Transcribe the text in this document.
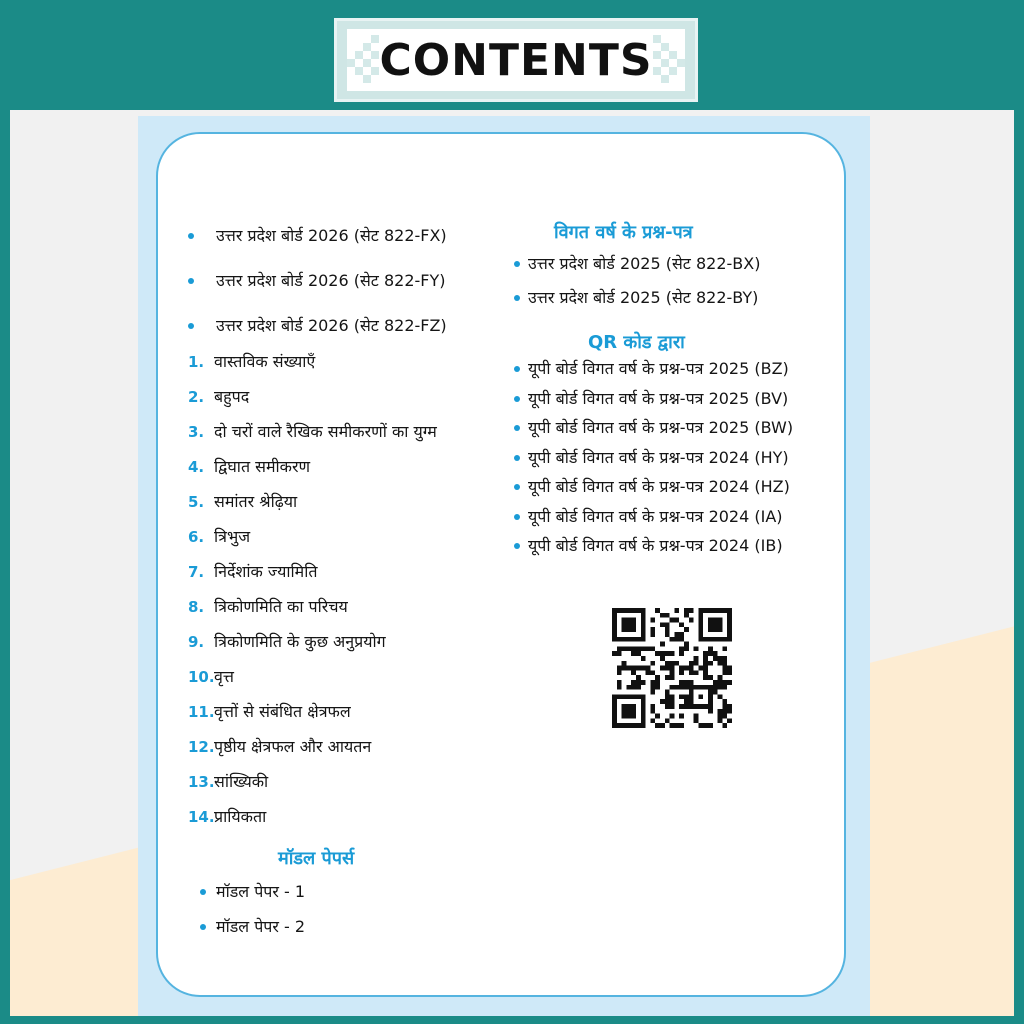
CONTENTS
उत्तर प्रदेश बोर्ड 2026 (सेट 822-FX)
उत्तर प्रदेश बोर्ड 2026 (सेट 822-FY)
उत्तर प्रदेश बोर्ड 2026 (सेट 822-FZ)
1. वास्तविक संख्याएँ
2. बहुपद
3. दो चरों वाले रैखिक समीकरणों का युग्म
4. द्विघात समीकरण
5. समांतर श्रेढ़िया
6. त्रिभुज
7. निर्देशांक ज्यामिति
8. त्रिकोणमिति का परिचय
9. त्रिकोणमिति के कुछ अनुप्रयोग
10. वृत्त
11. वृत्तों से संबंधित क्षेत्रफल
12. पृष्ठीय क्षेत्रफल और आयतन
13. सांख्यिकी
14. प्रायिकता
मॉडल पेपर्स
मॉडल पेपर - 1
मॉडल पेपर - 2
विगत वर्ष के प्रश्न-पत्र
उत्तर प्रदेश बोर्ड 2025 (सेट 822-BX)
उत्तर प्रदेश बोर्ड 2025 (सेट 822-BY)
QR कोड द्वारा
यूपी बोर्ड विगत वर्ष के प्रश्न-पत्र 2025 (BZ)
यूपी बोर्ड विगत वर्ष के प्रश्न-पत्र 2025 (BV)
यूपी बोर्ड विगत वर्ष के प्रश्न-पत्र 2025 (BW)
यूपी बोर्ड विगत वर्ष के प्रश्न-पत्र 2024 (HY)
यूपी बोर्ड विगत वर्ष के प्रश्न-पत्र 2024 (HZ)
यूपी बोर्ड विगत वर्ष के प्रश्न-पत्र 2024 (IA)
यूपी बोर्ड विगत वर्ष के प्रश्न-पत्र 2024 (IB)
